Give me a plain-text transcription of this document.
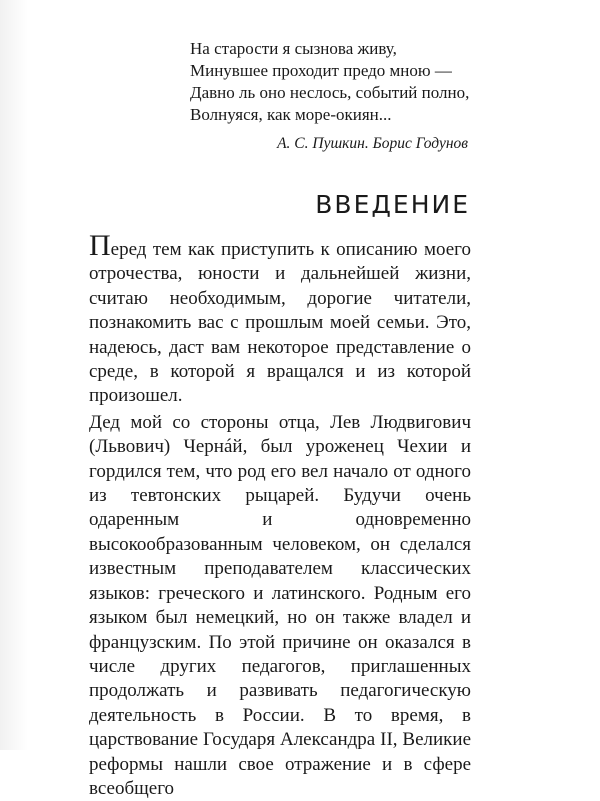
На старости я сызнова живу,
Минувшее проходит предо мною —
Давно ль оно неслось, событий полно,
Волнуяся, как море-окиян...
А. С. Пушкин. Борис Годунов
ВВЕДЕНИЕ

Перед тем как приступить к описанию моего отрочества, юности и дальнейшей жизни, считаю необходимым, дорогие читатели, познакомить вас с прошлым моей семьи. Это, надеюсь, даст вам некоторое представление о среде, в которой я вращался и из которой произошел.

Дед мой со стороны отца, Лев Людвигович (Львович) Чернáй, был уроженец Чехии и гордился тем, что род его вел начало от одного из тевтонских рыцарей. Будучи очень одаренным и одновременно высокообразованным человеком, он сделался известным преподавателем классических языков: греческого и латинского. Родным его языком был немецкий, но он также владел и французским. По этой причине он оказался в числе других педагогов, приглашенных продолжать и развивать педагогическую деятельность в России. В то время, в царствование Государя Александра II, Великие реформы нашли свое отражение и в сфере всеобщего
